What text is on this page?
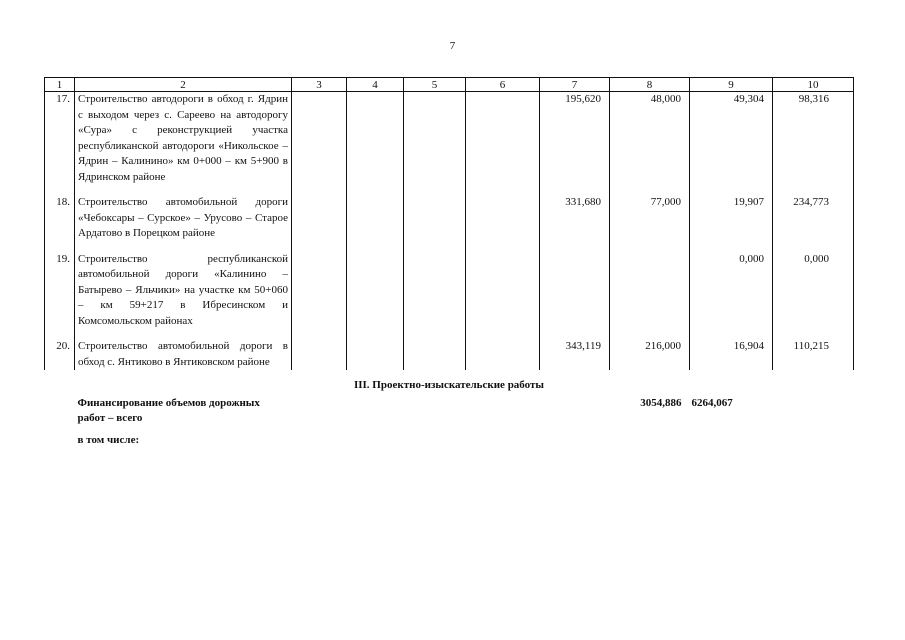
7
1	2	3	4	5	6	7	8	9	10
17.	Строительство автодороги в обход г. Ядрин с выходом через с. Сареево на автодорогу «Сура» с реконструкцией участка республиканской автодороги «Никольское – Ядрин – Калинино» км 0+000 – км 5+900 в Ядринском районе					195,620	48,000	49,304	98,316
18.	Строительство автомобильной дороги «Чебоксары – Сурское» – Урусово – Старое Ардатово в Порецком районе					331,680	77,000	19,907	234,773
19.	Строительство республиканской автомобильной дороги «Калинино – Батырево – Яльчики» на участке км 50+060 – км 59+217 в Ибресинском и Комсомольском районах							0,000	0,000
20.	Строительство автомобильной дороги в обход с. Янтиково в Янтиковском районе					343,119	216,000	16,904	110,215
III. Проектно-изыскательские работы									
	Финансирование объемов дорожных работ – всего						3054,886	6264,067	
	в том числе:								
